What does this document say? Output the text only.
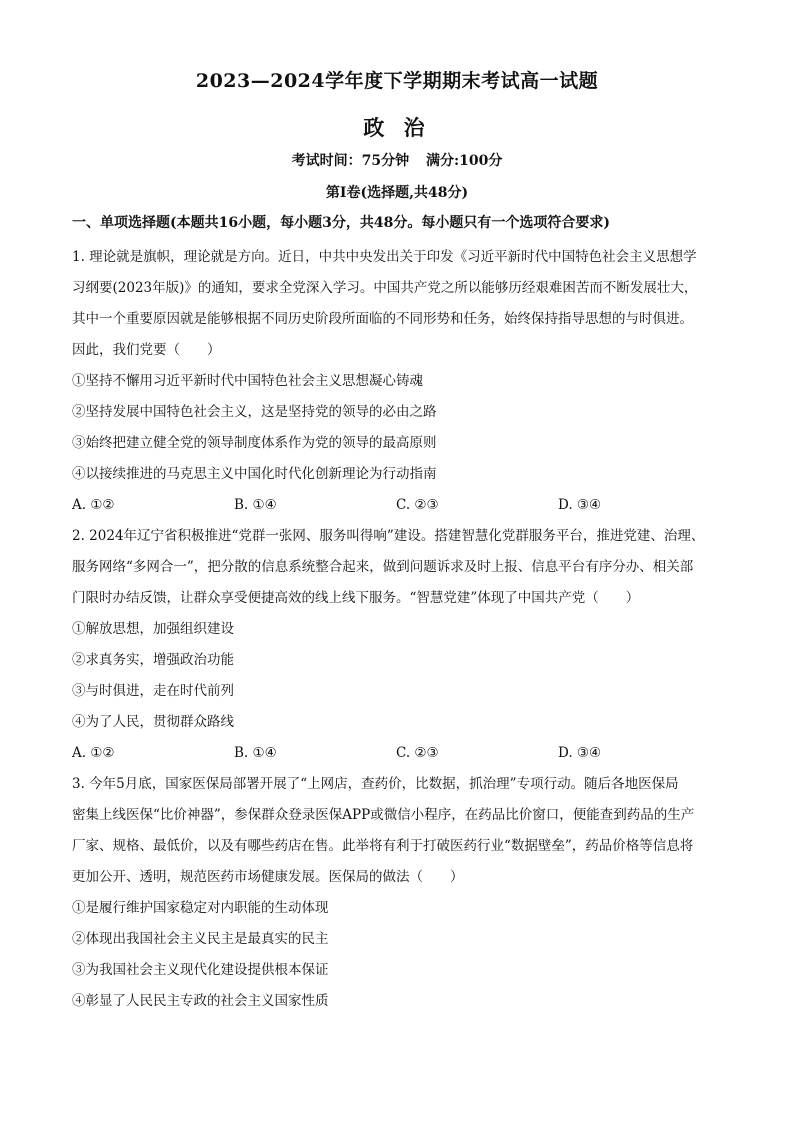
2023—2024学年度下学期期末考试高一试题
政 治
考试时间：75分钟 满分:100分
第Ⅰ卷(选择题,共48分)
一、单项选择题(本题共16小题，每小题3分，共48分。每小题只有一个选项符合要求)
1. 理论就是旗帜，理论就是方向。近日，中共中央发出关于印发《习近平新时代中国特色社会主义思想学
习纲要(2023年版)》的通知，要求全党深入学习。中国共产党之所以能够历经艰难困苦而不断发展壮大，
其中一个重要原因就是能够根据不同历史阶段所面临的不同形势和任务，始终保持指导思想的与时俱进。
因此，我们党要（　　）
①坚持不懈用习近平新时代中国特色社会主义思想凝心铸魂
②坚持发展中国特色社会主义，这是坚持党的领导的必由之路
③始终把建立健全党的领导制度体系作为党的领导的最高原则
④以接续推进的马克思主义中国化时代化创新理论为行动指南
A. ①②	B. ①④	C. ②③	D. ③④
2. 2024年辽宁省积极推进“党群一张网、服务叫得响”建设。搭建智慧化党群服务平台，推进党建、治理、
服务网络“多网合一”，把分散的信息系统整合起来，做到问题诉求及时上报、信息平台有序分办、相关部
门限时办结反馈，让群众享受便捷高效的线上线下服务。“智慧党建”体现了中国共产党（　　）
①解放思想，加强组织建设
②求真务实，增强政治功能
③与时俱进，走在时代前列
④为了人民，贯彻群众路线
A. ①②	B. ①④	C. ②③	D. ③④
3. 今年5月底，国家医保局部署开展了“上网店，查药价，比数据，抓治理”专项行动。随后各地医保局
密集上线医保“比价神器”，参保群众登录医保APP或微信小程序，在药品比价窗口，便能查到药品的生产
厂家、规格、最低价，以及有哪些药店在售。此举将有利于打破医药行业“数据壁垒”，药品价格等信息将
更加公开、透明，规范医药市场健康发展。医保局的做法（　　）
①是履行维护国家稳定对内职能的生动体现
②体现出我国社会主义民主是最真实的民主
③为我国社会主义现代化建设提供根本保证
④彰显了人民民主专政的社会主义国家性质
